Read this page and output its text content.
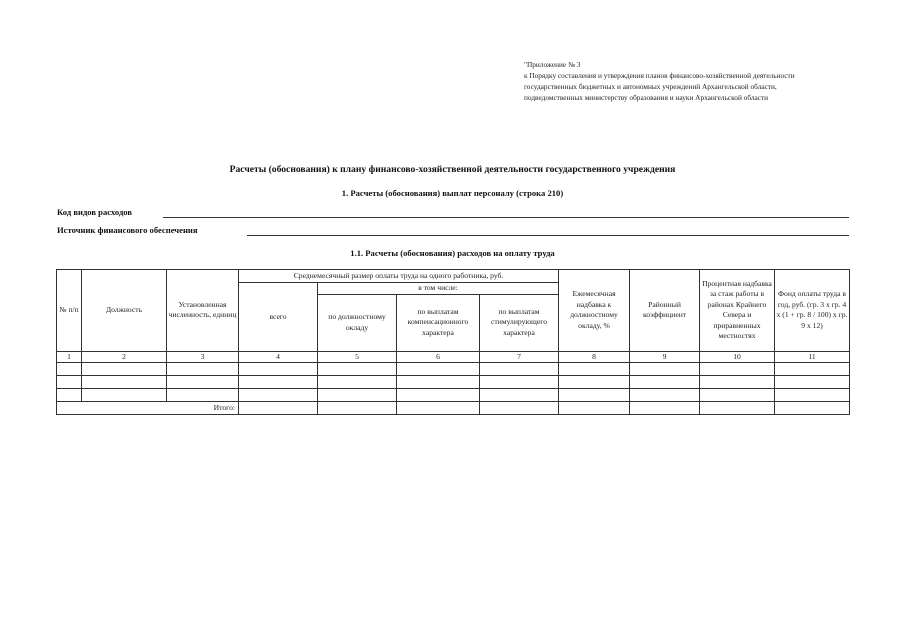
"Приложение № 3
к Порядку составления и утверждения планов финансово-хозяйственной деятельности
государственных бюджетных и автономных учреждений Архангельской области,
подведомственных министерству образования и науки Архангельской области
Расчеты (обоснования) к плану финансово-хозяйственной деятельности государственного учреждения
1. Расчеты (обоснования) выплат персоналу (строка 210)
Код видов расходов
Источник финансового обеспечения
1.1. Расчеты (обоснования) расходов на оплату труда
№ п/п	Должность	Установленная численность, единиц	Среднемесячный размер оплаты труда на одного работника, руб.				Ежемесячная надбавка к должностному окладу, %	Районный коэффициент	Процентная надбавка за стаж работы в районах Крайнего Севера и приравненных местностях	Фонд оплаты труда в год, руб. (гр. 3 х гр. 4 х (1 + гр. 8 / 100) х гр. 9 х 12)
			всего	в том числе:						
				по должностному окладу	по выплатам компенсационного характера	по выплатам стимулирующего характера				
1	2	3	4	5	6	7	8	9	10	11

Итого:										
